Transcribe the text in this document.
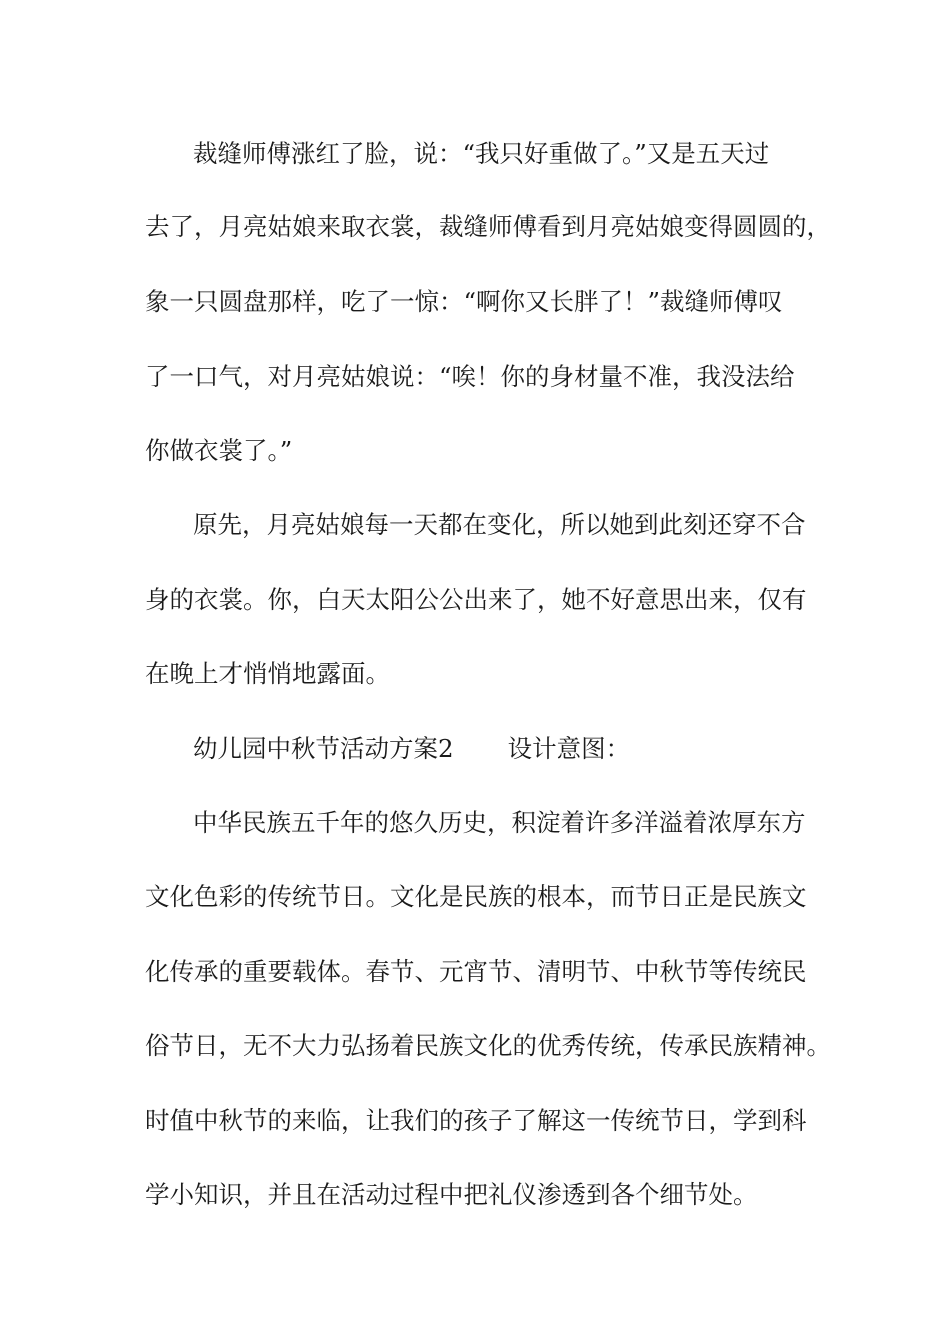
裁缝师傅涨红了脸，说：“我只好重做了。”又是五天过
去了，月亮姑娘来取衣裳，裁缝师傅看到月亮姑娘变得圆圆的，
象一只圆盘那样，吃了一惊：“啊你又长胖了！”裁缝师傅叹
了一口气，对月亮姑娘说：“唉！你的身材量不准，我没法给
你做衣裳了。”
原先，月亮姑娘每一天都在变化，所以她到此刻还穿不合
身的衣裳。你，白天太阳公公出来了，她不好意思出来，仅有
在晚上才悄悄地露面。
幼儿园中秋节活动方案2 设计意图：
中华民族五千年的悠久历史，积淀着许多洋溢着浓厚东方
文化色彩的传统节日。文化是民族的根本，而节日正是民族文
化传承的重要载体。春节、元宵节、清明节、中秋节等传统民
俗节日，无不大力弘扬着民族文化的优秀传统，传承民族精神。
时值中秋节的来临，让我们的孩子了解这一传统节日，学到科
学小知识，并且在活动过程中把礼仪渗透到各个细节处。
